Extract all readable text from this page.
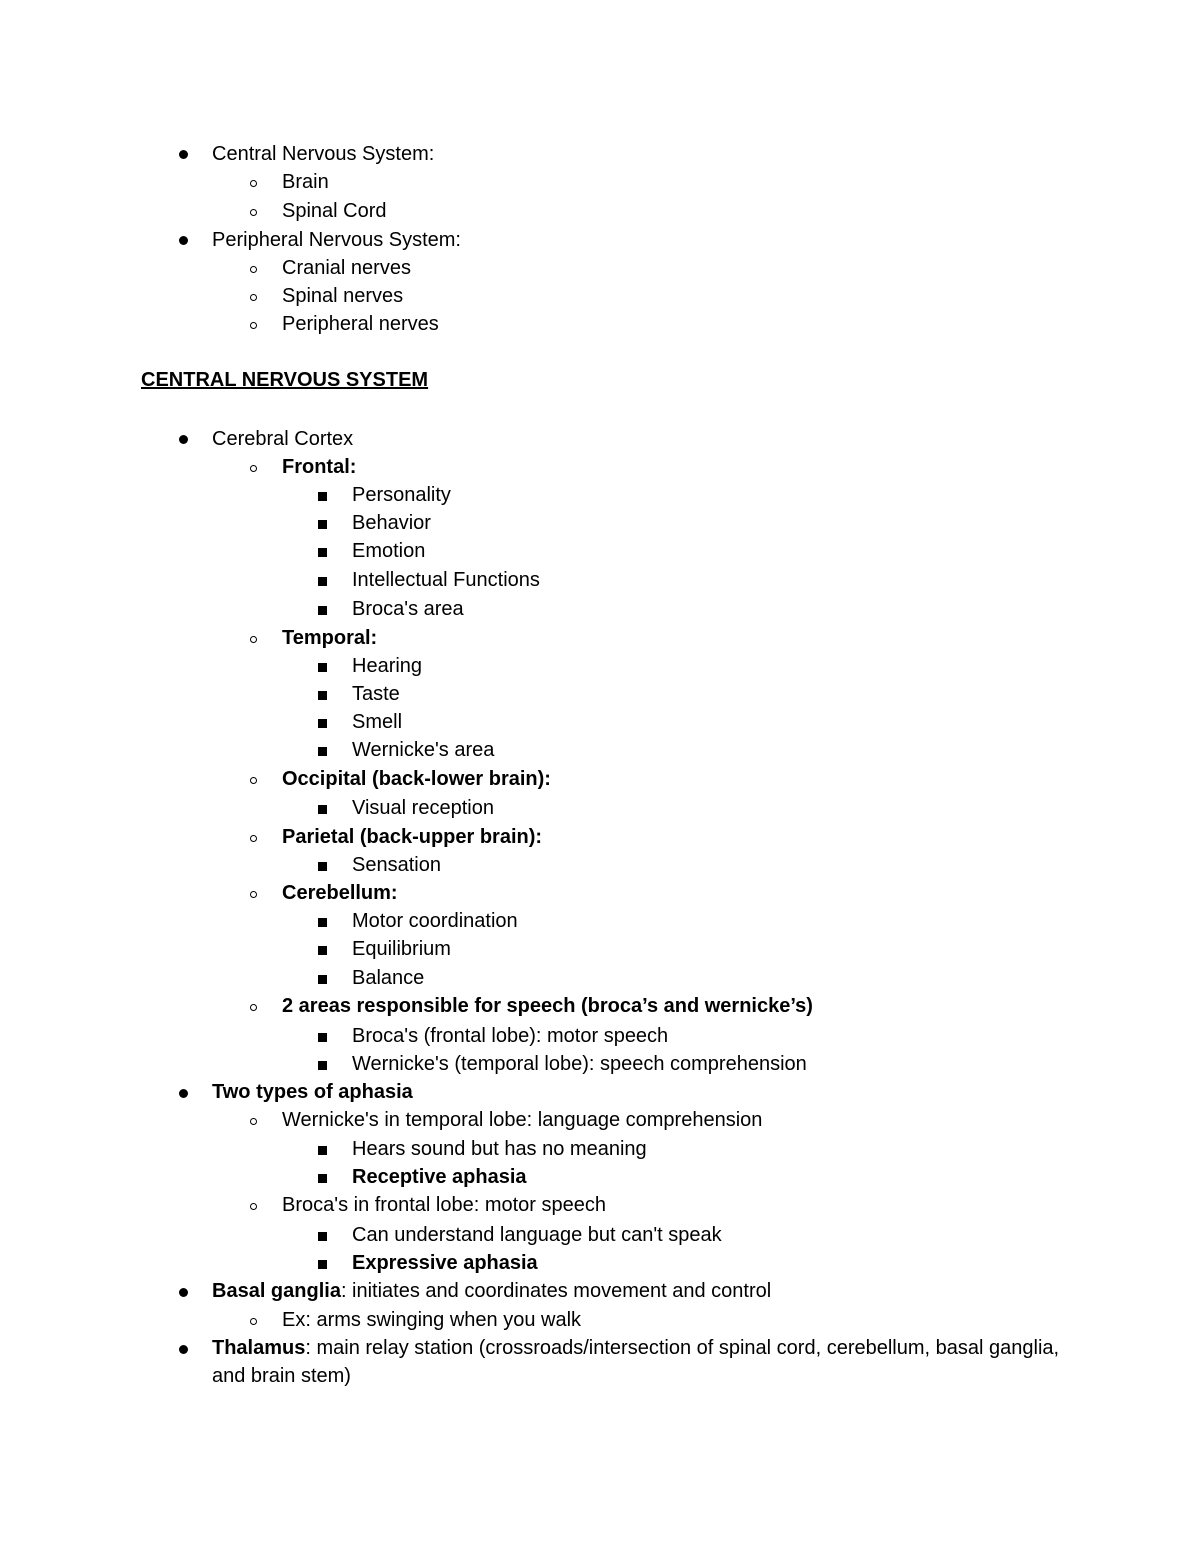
Central Nervous System:
Brain
Spinal Cord
Peripheral Nervous System:
Cranial nerves
Spinal nerves
Peripheral nerves
CENTRAL NERVOUS SYSTEM
Cerebral Cortex
Frontal:
Personality
Behavior
Emotion
Intellectual Functions
Broca's area
Temporal:
Hearing
Taste
Smell
Wernicke's area
Occipital (back-lower brain):
Visual reception
Parietal (back-upper brain):
Sensation
Cerebellum:
Motor coordination
Equilibrium
Balance
2 areas responsible for speech (broca’s and wernicke’s)
Broca's (frontal lobe): motor speech
Wernicke's (temporal lobe): speech comprehension
Two types of aphasia
Wernicke's in temporal lobe: language comprehension
Hears sound but has no meaning
Receptive aphasia
Broca's in frontal lobe: motor speech
Can understand language but can't speak
Expressive aphasia
Basal ganglia: initiates and coordinates movement and control
Ex: arms swinging when you walk
Thalamus: main relay station (crossroads/intersection of spinal cord, cerebellum, basal ganglia, and brain stem)
